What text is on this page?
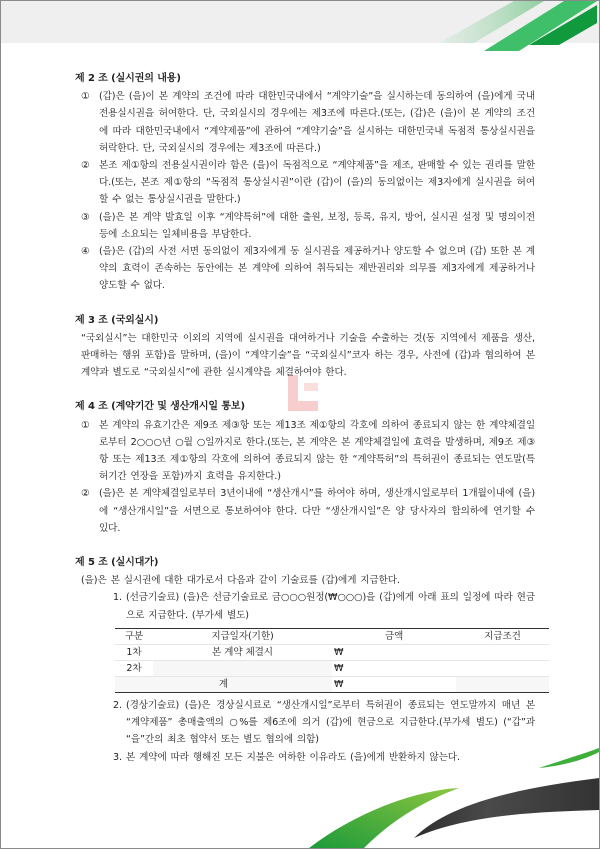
제 2 조 (실시권의 내용)
① (갑)은 (을)이 본 계약의 조건에 따라 대한민국내에서 “계약기술”을 실시하는데 동의하여 (을)에게 국내 전용실시권을 허여한다. 단, 국외실시의 경우에는 제3조에 따른다.(또는, (갑)은 (을)이 본 계약의 조건에 따라 대한민국내에서 “계약제품”에 관하여 “계약기술”을 실시하는 대한민국내 독점적 통상실시권을 허락한다. 단, 국외실시의 경우에는 제3조에 따른다.)
② 본조 제①항의 전용실시권이라 함은 (을)이 독점적으로 “계약제품”을 제조, 판매할 수 있는 권리를 말한다.(또는, 본조 제①항의 “독점적 통상실시권”이란 (갑)이 (을)의 동의없이는 제3자에게 실시권을 허여할 수 없는 통상실시권을 말한다.)
③ (을)은 본 계약 발효일 이후 “계약특허”에 대한 출원, 보정, 등록, 유지, 방어, 실시권 설정 및 명의이전 등에 소요되는 일체비용을 부담한다.
④ (을)은 (갑)의 사전 서면 동의없이 제3자에게 동 실시권을 제공하거나 양도할 수 없으며 (갑) 또한 본 계약의 효력이 존속하는 동안에는 본 계약에 의하여 취득되는 제반권리와 의무를 제3자에게 제공하거나 양도할 수 없다.
제 3 조 (국외실시)
“국외실시”는 대한민국 이외의 지역에 실시권을 대여하거나 기술을 수출하는 것(동 지역에서 제품을 생산, 판매하는 행위 포함)을 말하며, (을)이 “계약기술”을 “국외실시”코자 하는 경우, 사전에 (갑)과 협의하여 본 계약과 별도로 “국외실시”에 관한 실시계약을 체결하여야 한다.
제 4 조 (계약기간 및 생산개시일 통보)
① 본 계약의 유효기간은 제9조 제③항 또는 제13조 제①항의 각호에 의하여 종료되지 않는 한 계약체결일로부터 2○○○년 ○월 ○일까지로 한다.(또는, 본 계약은 본 계약체결일에 효력을 발생하며, 제9조 제③항 또는 제13조 제①항의 각호에 의하여 종료되지 않는 한 “계약특허”의 특허권이 종료되는 연도말(특허기간 연장을 포함)까지 효력을 유지한다.)
② (을)은 본 계약체결일로부터 3년이내에 “생산개시”를 하여야 하며, 생산개시일로부터 1개월이내에 (을)에 “생산개시일”을 서면으로 통보하여야 한다. 다만 “생산개시일”은 양 당사자의 합의하에 연기할 수 있다.
제 5 조 (실시대가)
(을)은 본 실시권에 대한 대가로서 다음과 같이 기술료를 (갑)에게 지급한다.
1. (선금기술료) (을)은 선금기술료로 금○○○원정(₩○○○)을 (갑)에게 아래 표의 일정에 따라 현금으로 지급한다. (부가세 별도)
구분	지급일자(기한)	금액	지급조건
1차	본 계약 체결시	₩	
2차		₩	
계		₩	
2. (경상기술료) (을)은 경상실시료로 “생산개시일”로부터 특허권이 종료되는 연도말까지 매년 본 “계약제품” 총매출액의 ○%를 제6조에 의거 (갑)에 현금으로 지급한다.(부가세 별도) (“갑”과 “을”간의 최초 협약서 또는 별도 협의에 의함)
3. 본 계약에 따라 행해진 모든 지불은 여하한 이유라도 (을)에게 반환하지 않는다.
